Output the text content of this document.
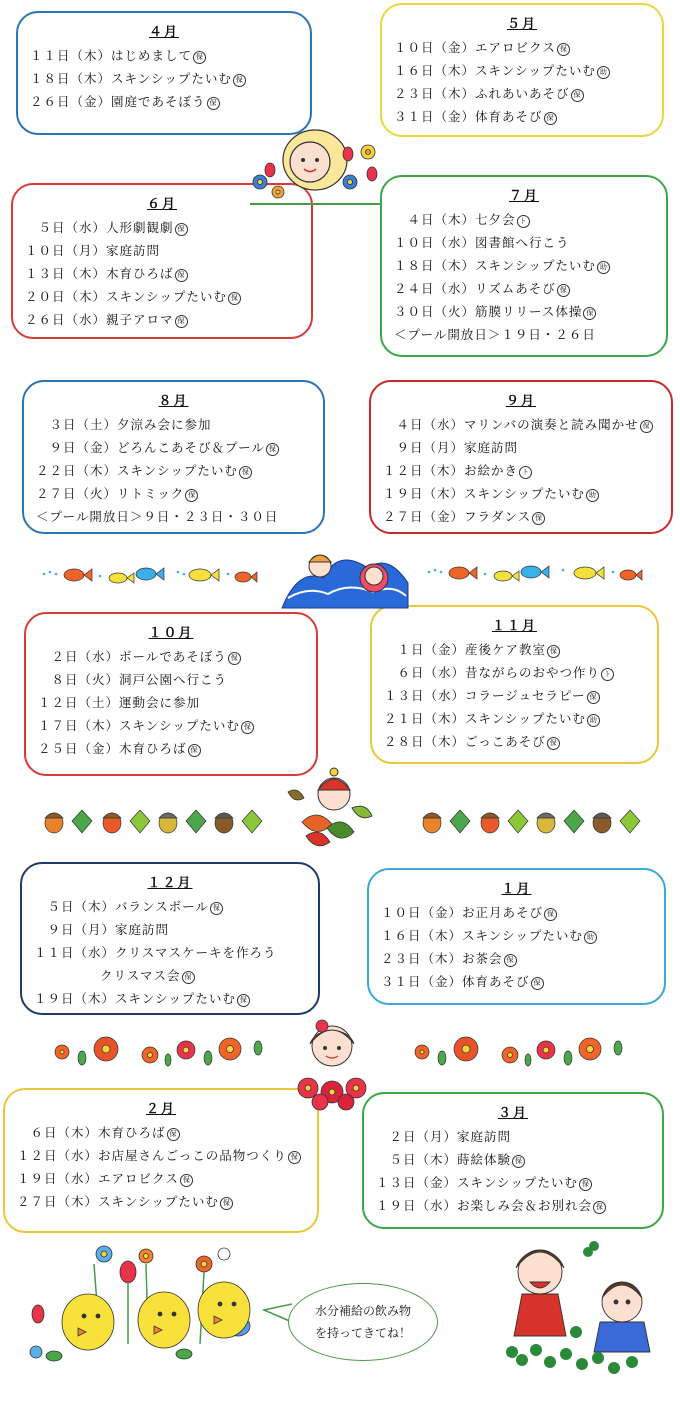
４月
１１日（木）はじめまして 保
１８日（木）スキンシップたいむ 保
２６日（金）園庭であそぼう 保
５月
１０日（金）エアロビクス 保
１６日（木）スキンシップたいむ 助
２３日（木）ふれあいあそび 保
３１日（金）体育あそび 保
６月
　５日（水）人形劇観劇 保
１０日（月）家庭訪問
１３日（木）木育ひろば 保
２０日（木）スキンシップたいむ 保
２６日（水）親子アロマ 保
７月
　４日（木）七夕会 ト
１０日（水）図書館へ行こう
１８日（木）スキンシップたいむ 助
２４日（水）リズムあそび 保
３０日（火）筋膜リリース体操 保
＜プール開放日＞１９日・２６日
８月
　３日（土）夕涼み会に参加
　９日（金）どろんこあそび＆プール 保
２２日（木）スキンシップたいむ 保
２７日（火）リトミック 保
＜プール開放日＞９日・２３日・３０日
９月
　４日（水）マリンバの演奏と読み聞かせ 保
　９日（月）家庭訪問
１２日（木）お絵かき ト
１９日（木）スキンシップたいむ 助
２７日（金）フラダンス 保
１０月
　２日（水）ボールであそぼう 保
　８日（火）洞戸公園へ行こう
１２日（土）運動会に参加
１７日（木）スキンシップたいむ 保
２５日（金）木育ひろば 保
１１月
　１日（金）産後ケア教室 保
　６日（水）昔ながらのおやつ作り ト
１３日（水）コラージュセラピー 保
２１日（木）スキンシップたいむ 助
２８日（木）ごっこあそび 保
１２月
　５日（木）バランスボール 保
　９日（月）家庭訪問
１１日（水）クリスマスケーキを作ろう
クリスマス会 保
１９日（木）スキンシップたいむ 保
１月
１０日（金）お正月あそび 保
１６日（木）スキンシップたいむ 助
２３日（木）お茶会 保
３１日（金）体育あそび 保
２月
　６日（木）木育ひろば 保
１２日（水）お店屋さんごっこの品物つくり 保
１９日（水）エアロビクス 保
２７日（木）スキンシップたいむ 保
３月
　２日（月）家庭訪問
　５日（木）蒔絵体験 保
１３日（金）スキンシップたいむ 保
１９日（水）お楽しみ会＆お別れ会 保
水分補給の飲み物
を持ってきてね！
